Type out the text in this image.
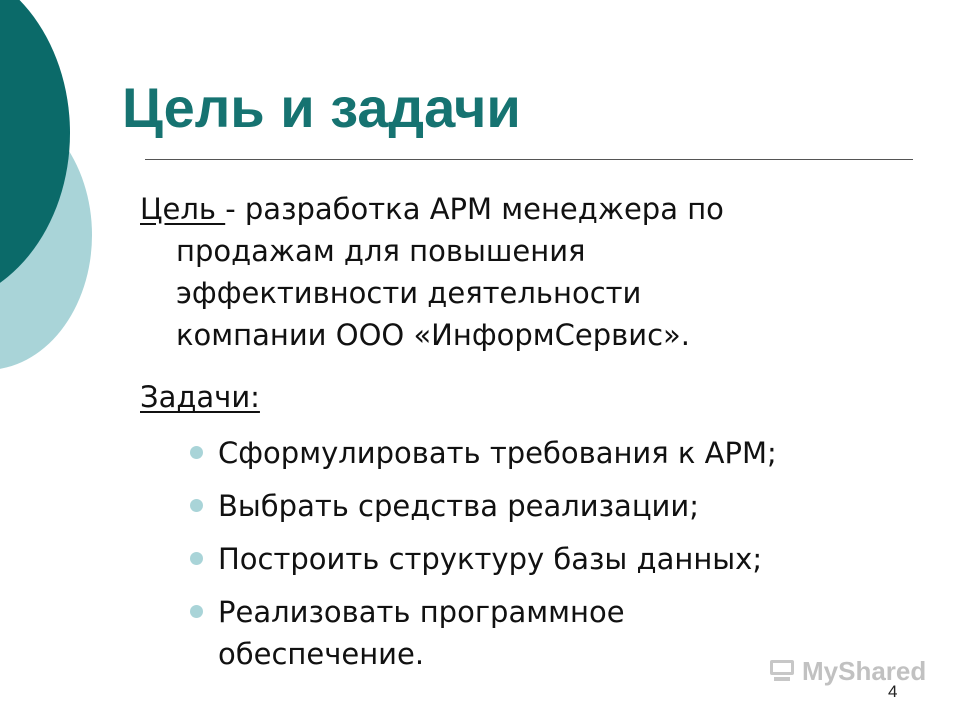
Цель и задачи
Цель - разработка АРМ менеджера по
продажам для повышения
эффективности деятельности
компании ООО «ИнформСервис».
Задачи:
Сформулировать требования к АРМ;
Выбрать средства реализации;
Построить структуру базы данных;
Реализовать программное
обеспечение.	MyShared
4
